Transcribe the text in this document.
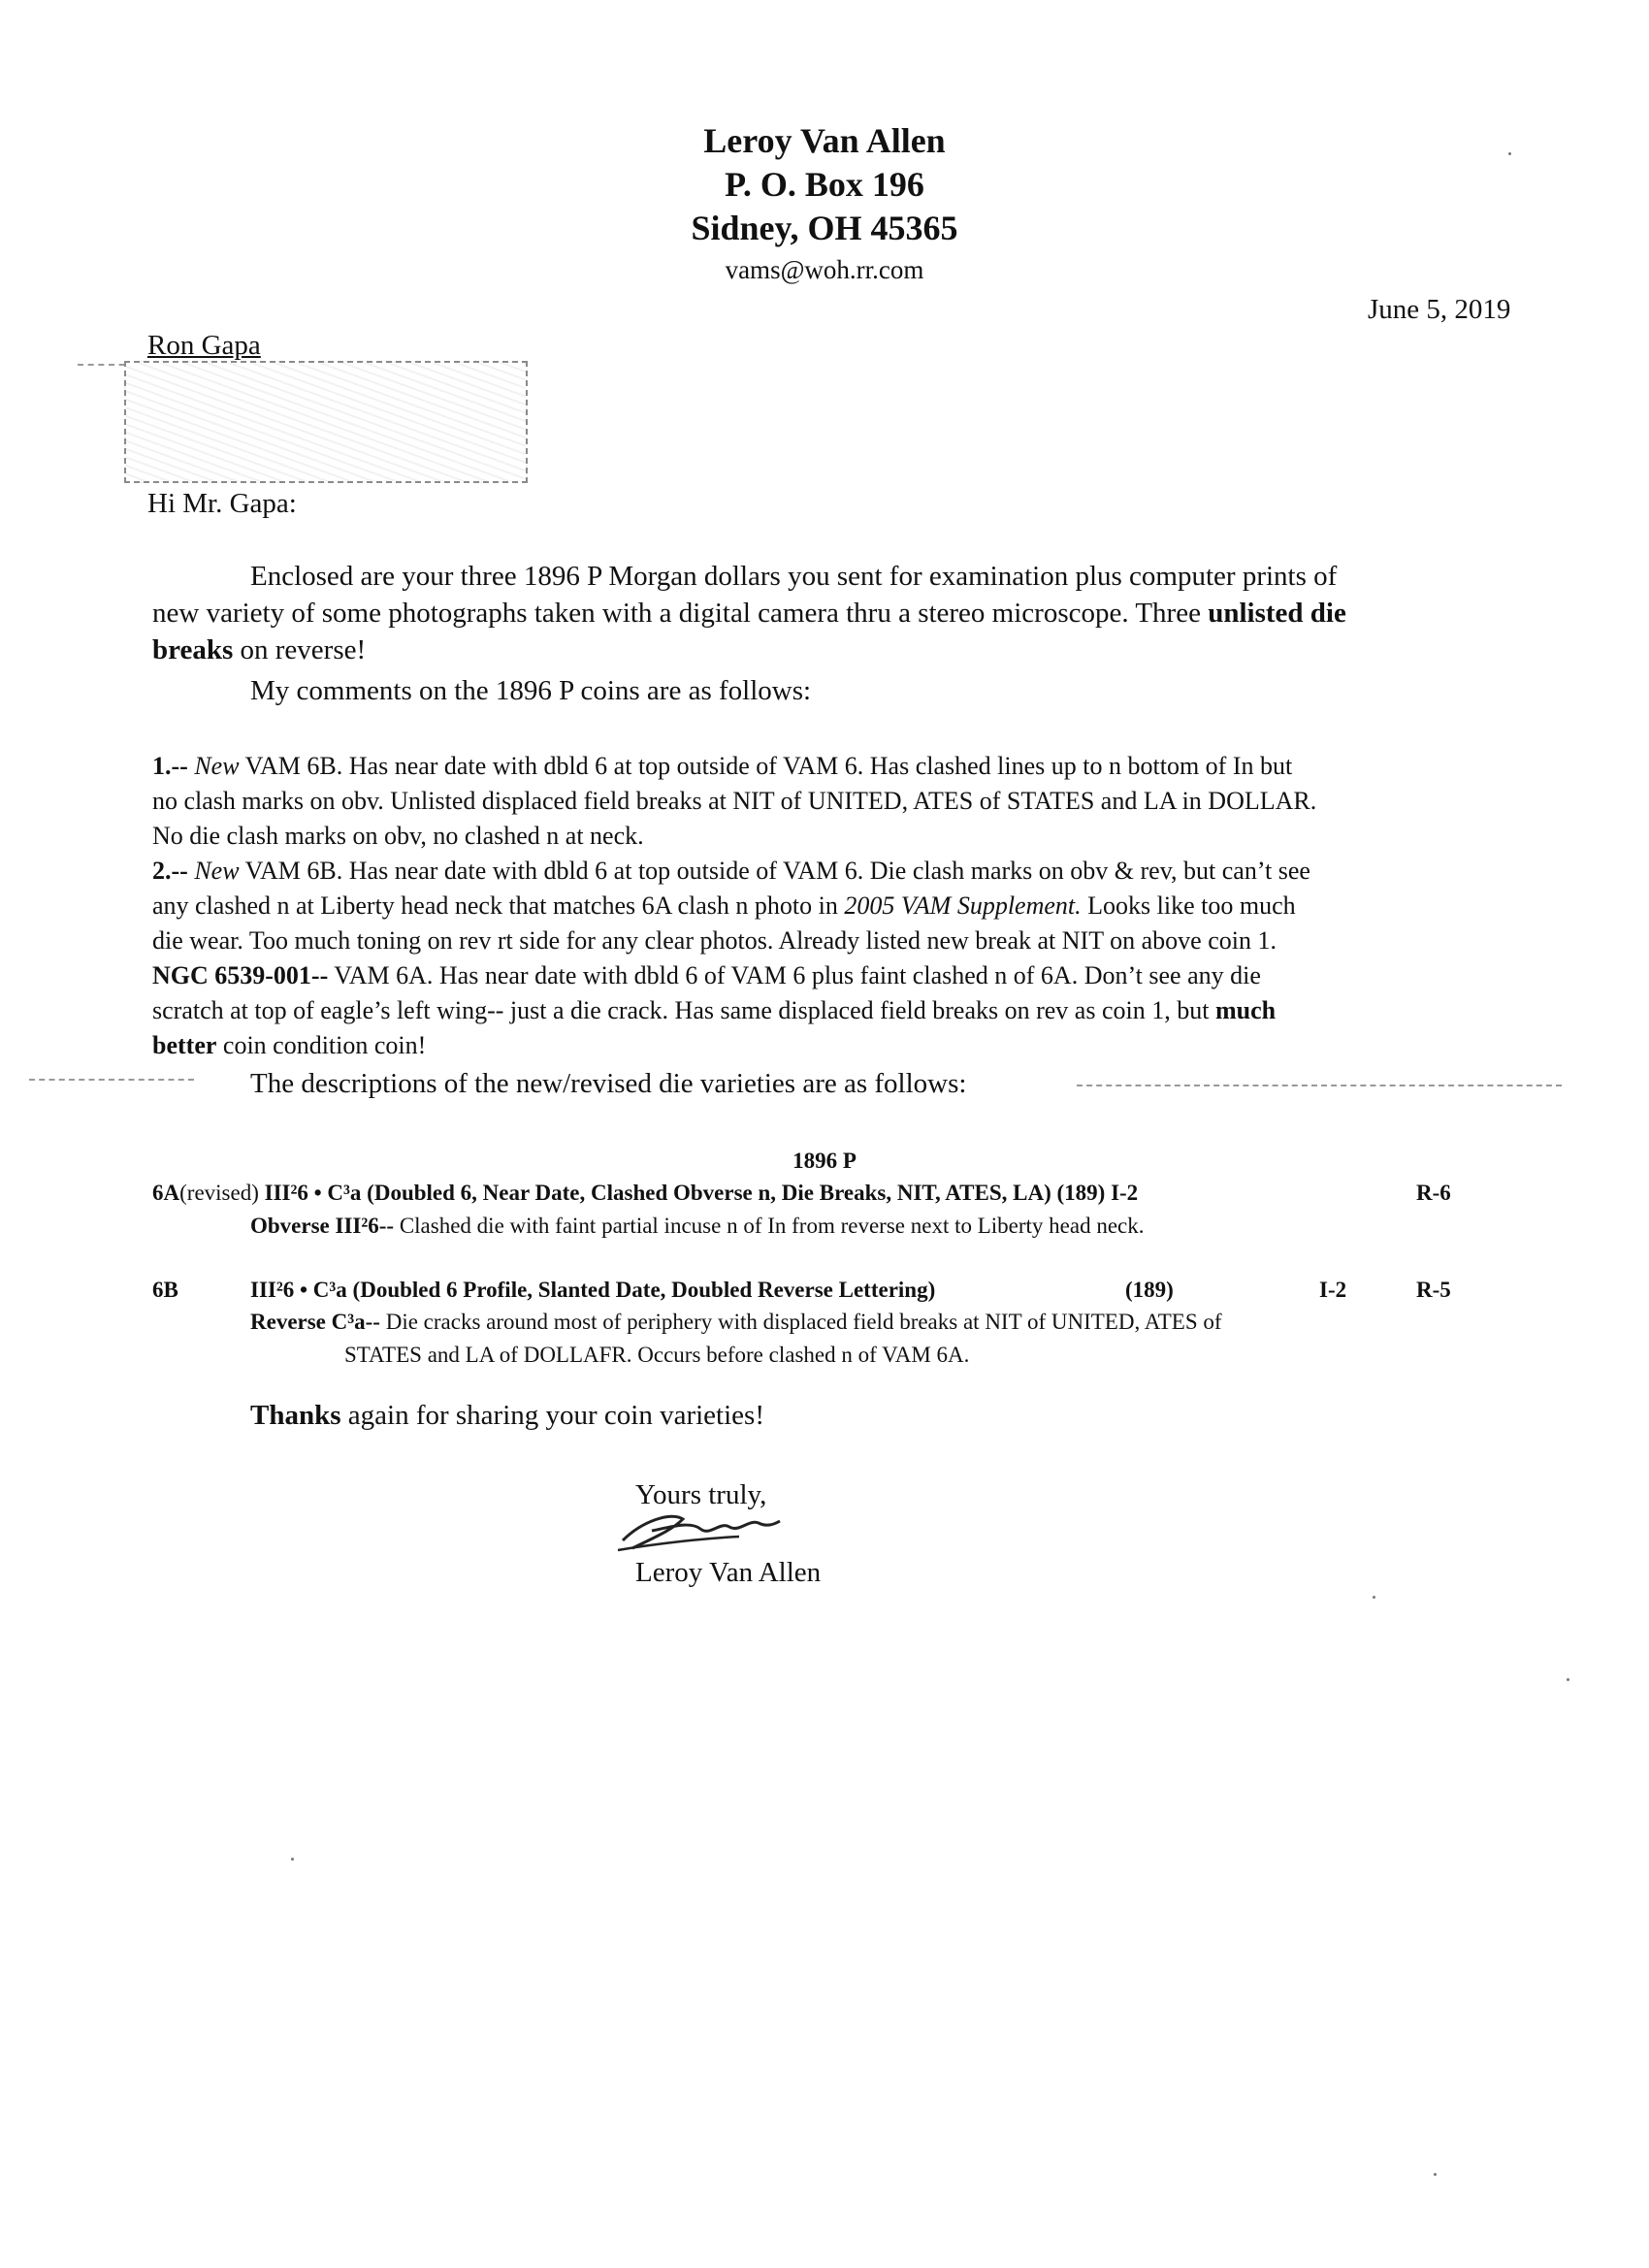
Leroy Van Allen
P. O. Box 196
Sidney, OH 45365
vams@woh.rr.com
June 5, 2019
Ron Gapa
Hi Mr. Gapa:
Enclosed are your three 1896 P Morgan dollars you sent for examination plus computer prints of
new variety of some photographs taken with a digital camera thru a stereo microscope. Three unlisted die
breaks on reverse!
My comments on the 1896 P coins are as follows:
1.-- New VAM 6B. Has near date with dbld 6 at top outside of VAM 6. Has clashed lines up to n bottom of In but
no clash marks on obv. Unlisted displaced field breaks at NIT of UNITED, ATES of STATES and LA in DOLLAR.
No die clash marks on obv, no clashed n at neck.
2.-- New VAM 6B. Has near date with dbld 6 at top outside of VAM 6. Die clash marks on obv & rev, but can’t see
any clashed n at Liberty head neck that matches 6A clash n photo in 2005 VAM Supplement. Looks like too much
die wear. Too much toning on rev rt side for any clear photos. Already listed new break at NIT on above coin 1.
NGC 6539-001-- VAM 6A. Has near date with dbld 6 of VAM 6 plus faint clashed n of 6A. Don’t see any die
scratch at top of eagle’s left wing-- just a die crack. Has same displaced field breaks on rev as coin 1, but much
better coin condition coin!
The descriptions of the new/revised die varieties are as follows:
1896 P
6A(revised) III²6 • C³a (Doubled 6, Near Date, Clashed Obverse n, Die Breaks, NIT, ATES, LA) (189) I-2	R-6
Obverse III²6-- Clashed die with faint partial incuse n of In from reverse next to Liberty head neck.
6B	III²6 • C³a (Doubled 6 Profile, Slanted Date, Doubled Reverse Lettering)	(189)	I-2	R-5
Reverse C³a-- Die cracks around most of periphery with displaced field breaks at NIT of UNITED, ATES of
STATES and LA of DOLLAFR. Occurs before clashed n of VAM 6A.
Thanks again for sharing your coin varieties!
Yours truly,
Leroy Van Allen
